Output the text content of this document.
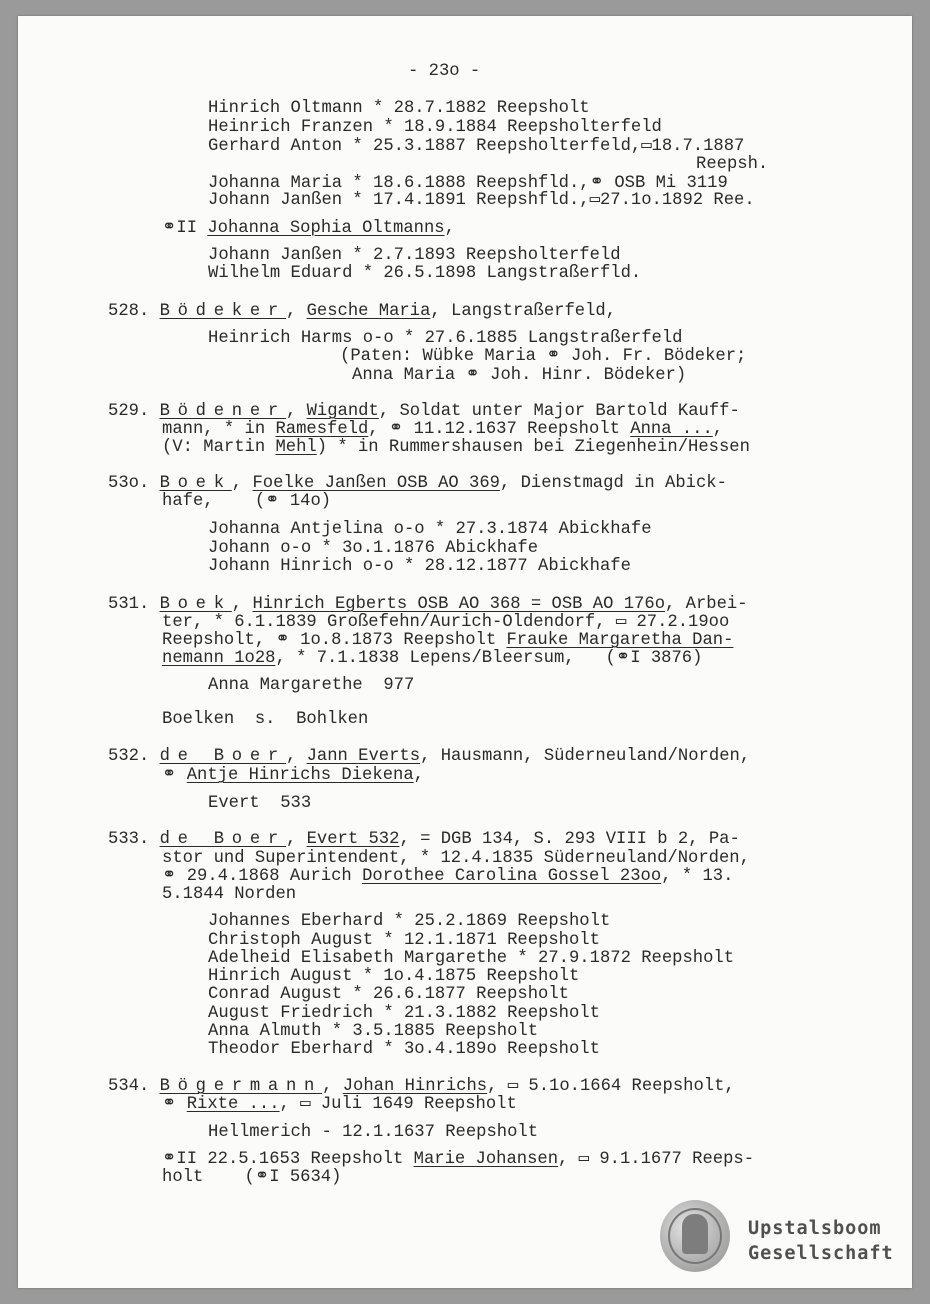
- 23o -
Hinrich Oltmann * 28.7.1882 Reepsholt
Heinrich Franzen * 18.9.1884 Reepsholterfeld
Gerhard Anton * 25.3.1887 Reepsholterfeld,▭18.7.1887
Reepsh.
Johanna Maria * 18.6.1888 Reepshfld.,⚭ OSB Mi 3119
Johann Janßen * 17.4.1891 Reepshfld.,▭27.1o.1892 Ree.
⚭II Johanna Sophia Oltmanns,
Johann Janßen * 2.7.1893 Reepsholterfeld
Wilhelm Eduard * 26.5.1898 Langstraßerfld.
528. Bödeker, Gesche Maria, Langstraßerfeld,
Heinrich Harms o-o * 27.6.1885 Langstraßerfeld
(Paten: Wübke Maria ⚭ Joh. Fr. Bödeker;
Anna Maria ⚭ Joh. Hinr. Bödeker)
529. Bödener, Wigandt, Soldat unter Major Bartold Kauff-
mann, * in Ramesfeld, ⚭ 11.12.1637 Reepsholt Anna ...,
(V: Martin Mehl) * in Rummershausen bei Ziegenhein/Hessen
53o. Boek, Foelke Janßen OSB AO 369, Dienstmagd in Abick-
hafe,    (⚭ 14o)
Johanna Antjelina o-o * 27.3.1874 Abickhafe
Johann o-o * 3o.1.1876 Abickhafe
Johann Hinrich o-o * 28.12.1877 Abickhafe
531. Boek, Hinrich Egberts OSB AO 368 = OSB AO 176o, Arbei-
ter, * 6.1.1839 Großefehn/Aurich-Oldendorf, ▭ 27.2.19oo
Reepsholt, ⚭ 1o.8.1873 Reepsholt Frauke Margaretha Dan-
nemann 1o28, * 7.1.1838 Lepens/Bleersum,   (⚭I 3876)
Anna Margarethe  977
Boelken  s.  Bohlken
532. de Boer, Jann Everts, Hausmann, Süderneuland/Norden,
⚭ Antje Hinrichs Diekena,
Evert  533
533. de Boer, Evert 532, = DGB 134, S. 293 VIII b 2, Pa-
stor und Superintendent, * 12.4.1835 Süderneuland/Norden,
⚭ 29.4.1868 Aurich Dorothee Carolina Gossel 23oo, * 13.
5.1844 Norden
Johannes Eberhard * 25.2.1869 Reepsholt
Christoph August * 12.1.1871 Reepsholt
Adelheid Elisabeth Margarethe * 27.9.1872 Reepsholt
Hinrich August * 1o.4.1875 Reepsholt
Conrad August * 26.6.1877 Reepsholt
August Friedrich * 21.3.1882 Reepsholt
Anna Almuth * 3.5.1885 Reepsholt
Theodor Eberhard * 3o.4.189o Reepsholt
534. Bögermann, Johan Hinrichs, ▭ 5.1o.1664 Reepsholt,
⚭ Rixte ..., ▭ Juli 1649 Reepsholt
Hellmerich - 12.1.1637 Reepsholt
⚭II 22.5.1653 Reepsholt Marie Johansen, ▭ 9.1.1677 Reeps-
holt    (⚭I 5634)
Upstalsboom
Gesellschaft
